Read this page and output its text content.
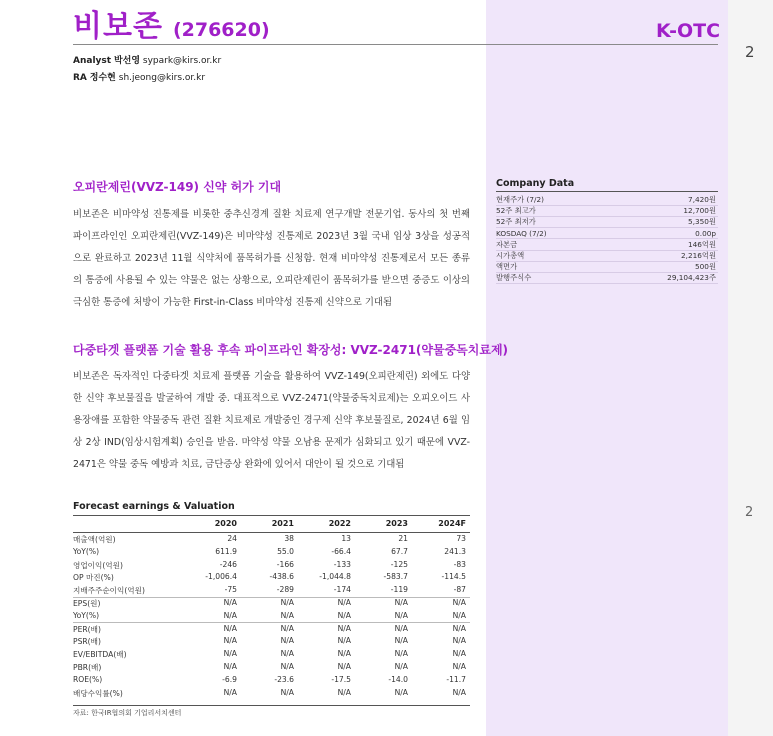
2
2
비보존 (276620)	K-OTC
Analyst 박선영 sypark@kirs.or.kr
RA 정수현 sh.jeong@kirs.or.kr
오피란제린(VVZ-149) 신약 허가 기대
비보존은 비마약성 진통제를 비롯한 중추신경계 질환 치료제 연구개발 전문기업. 동사의 첫 번째 파이프라인인 오피란제린(VVZ-149)은 비마약성 진통제로 2023년 3월 국내 임상 3상을 성공적으로 완료하고 2023년 11월 식약처에 품목허가를 신청함. 현재 비마약성 진통제로서 모든 종류의 통증에 사용될 수 있는 약물은 없는 상황으로, 오피란제린이 품목허가를 받으면 중증도 이상의 극심한 통증에 처방이 가능한 First-in-Class 비마약성 진통제 신약으로 기대됨
다중타겟 플랫폼 기술 활용 후속 파이프라인 확장성: VVZ-2471(약물중독치료제)
비보존은 독자적인 다중타겟 치료제 플랫폼 기술을 활용하여 VVZ-149(오피란제린) 외에도 다양한 신약 후보물질을 발굴하여 개발 중. 대표적으로 VVZ-2471(약물중독치료제)는 오피오이드 사용장애를 포함한 약물중독 관련 질환 치료제로 개발중인 경구제 신약 후보물질로, 2024년 6월 임상 2상 IND(임상시험계획) 승인을 받음. 마약성 약물 오남용 문제가 심화되고 있기 때문에 VVZ-2471은 약물 중독 예방과 치료, 금단증상 완화에 있어서 대안이 될 것으로 기대됨
Company Data
현재주가 (7/2)	7,420원
52주 최고가	12,700원
52주 최저가	5,350원
KOSDAQ (7/2)	0.00p
자본금	146억원
시가총액	2,216억원
액면가	500원
발행주식수	29,104,423주
Forecast earnings & Valuation
2020	2021	2022	2023	2024F
매출액(억원)	24	38	13	21	73
YoY(%)	611.9	55.0	-66.4	67.7	241.3
영업이익(억원)	-246	-166	-133	-125	-83
OP 마진(%)	-1,006.4	-438.6	-1,044.8	-583.7	-114.5
지배주주순이익(억원)	-75	-289	-174	-119	-87
EPS(원)	N/A	N/A	N/A	N/A	N/A
YoY(%)	N/A	N/A	N/A	N/A	N/A
PER(배)	N/A	N/A	N/A	N/A	N/A
PSR(배)	N/A	N/A	N/A	N/A	N/A
EV/EBITDA(배)	N/A	N/A	N/A	N/A	N/A
PBR(배)	N/A	N/A	N/A	N/A	N/A
ROE(%)	-6.9	-23.6	-17.5	-14.0	-11.7
배당수익률(%)	N/A	N/A	N/A	N/A	N/A
자료: 한국IR협의회 기업리서치센터
